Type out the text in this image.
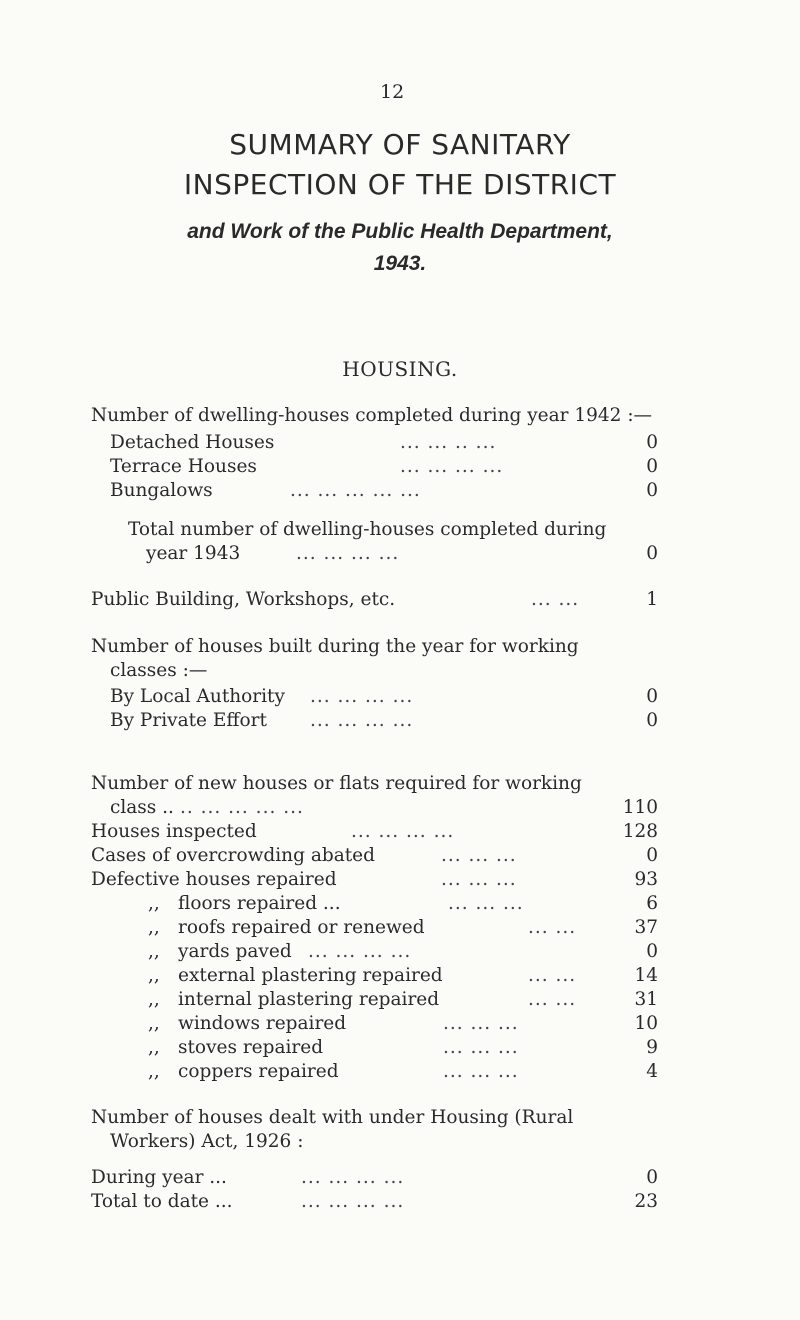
12
SUMMARY OF SANITARY
INSPECTION OF THE DISTRICT
and Work of the Public Health Department,
1943.
HOUSING.
Number of dwelling-houses completed during year 1942 :—
Detached Houses	... ... .. ...	0
Terrace Houses	... ... ... ...	0
Bungalows	... ... ... ... ...	0
Total number of dwelling-houses completed during
year 1943	... ... ... ...	0
Public Building, Workshops, etc.	... ...	1
Number of houses built during the year for working
classes :—
By Local Authority ... ... ... ...	0
By Private Effort ... ... ... ...	0
Number of new houses or flats required for working
class .. .. ... ... ... ...	110
Houses inspected	... ... ... ...	128
Cases of overcrowding abated	... ... ...	0
Defective houses repaired	... ... ...	93
,, floors repaired ...	... ... ...	6
,, roofs repaired or renewed	... ...	37
,, yards paved ... ... ... ...	0
,, external plastering repaired	... ...	14
,, internal plastering repaired	... ...	31
,, windows repaired	... ... ...	10
,, stoves repaired	... ... ...	9
,, coppers repaired	... ... ...	4
Number of houses dealt with under Housing (Rural
Workers) Act, 1926 :
During year ...	... ... ... ...	0
Total to date ...	... ... ... ...	23
